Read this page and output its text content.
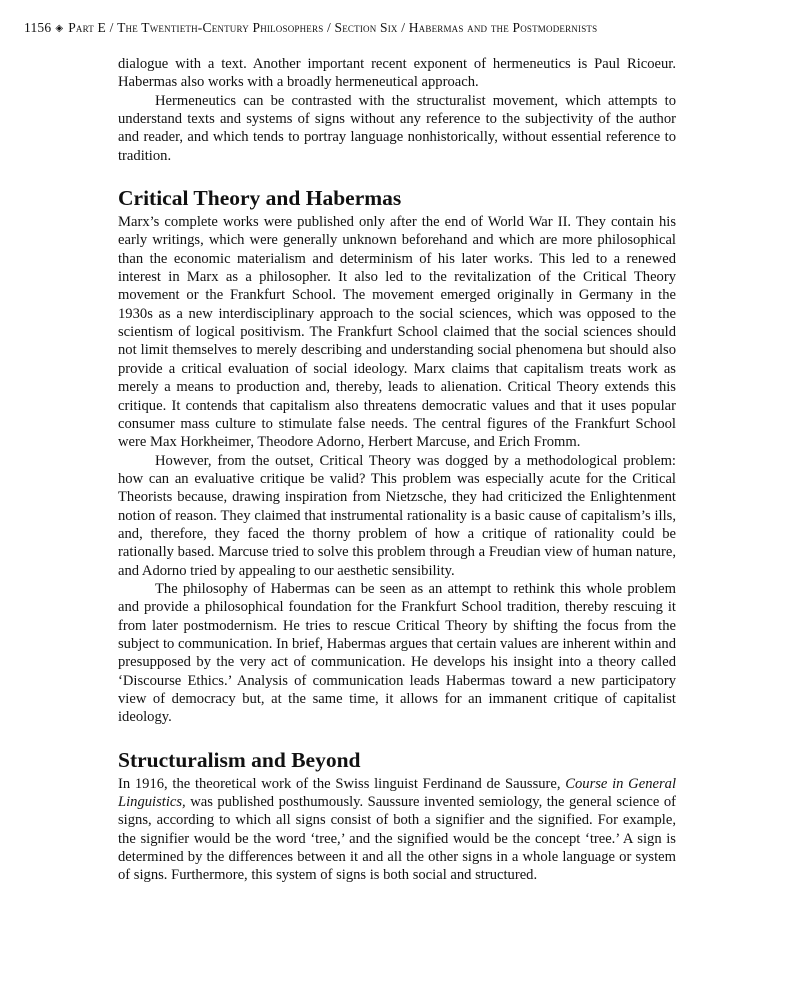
1156 ◈ Part E / The Twentieth-Century Philosophers / Section Six / Habermas and the Postmodernists

dialogue with a text. Another important recent exponent of hermeneutics is Paul Ricoeur. Habermas also works with a broadly hermeneutical approach.

Hermeneutics can be contrasted with the structuralist movement, which attempts to understand texts and systems of signs without any reference to the subjectivity of the author and reader, and which tends to portray language nonhistorically, without essential reference to tradition.

Critical Theory and Habermas

Marx’s complete works were published only after the end of World War II. They contain his early writings, which were generally unknown beforehand and which are more philosophical than the economic materialism and determinism of his later works. This led to a renewed interest in Marx as a philosopher. It also led to the revitalization of the Critical Theory movement or the Frankfurt School. The movement emerged originally in Germany in the 1930s as a new interdisciplinary approach to the social sciences, which was opposed to the scientism of logical positivism. The Frankfurt School claimed that the social sciences should not limit themselves to merely describing and understanding social phenomena but should also provide a critical evaluation of social ideology. Marx claims that capitalism treats work as merely a means to production and, thereby, leads to alienation. Critical Theory extends this critique. It contends that capitalism also threatens democratic values and that it uses popular consumer mass culture to stimulate false needs. The central figures of the Frankfurt School were Max Horkheimer, Theodore Adorno, Herbert Marcuse, and Erich Fromm.

However, from the outset, Critical Theory was dogged by a methodological problem: how can an evaluative critique be valid? This problem was especially acute for the Critical Theorists because, drawing inspiration from Nietzsche, they had criticized the Enlightenment notion of reason. They claimed that instrumental rationality is a basic cause of capitalism’s ills, and, therefore, they faced the thorny problem of how a critique of rationality could be rationally based. Marcuse tried to solve this problem through a Freudian view of human nature, and Adorno tried by appealing to our aesthetic sensibility.

The philosophy of Habermas can be seen as an attempt to rethink this whole problem and provide a philosophical foundation for the Frankfurt School tradition, thereby rescuing it from later postmodernism. He tries to rescue Critical Theory by shifting the focus from the subject to communication. In brief, Habermas argues that certain values are inherent within and presupposed by the very act of communication. He develops his insight into a theory called ‘Discourse Ethics.’ Analysis of communication leads Habermas toward a new participatory view of democracy but, at the same time, it allows for an immanent critique of capitalist ideology.

Structuralism and Beyond

In 1916, the theoretical work of the Swiss linguist Ferdinand de Saussure, Course in General Linguistics, was published posthumously. Saussure invented semiology, the general science of signs, according to which all signs consist of both a signifier and the signified. For example, the signifier would be the word ‘tree,’ and the signified would be the concept ‘tree.’ A sign is determined by the differences between it and all the other signs in a whole language or system of signs. Furthermore, this system of signs is both social and structured.
